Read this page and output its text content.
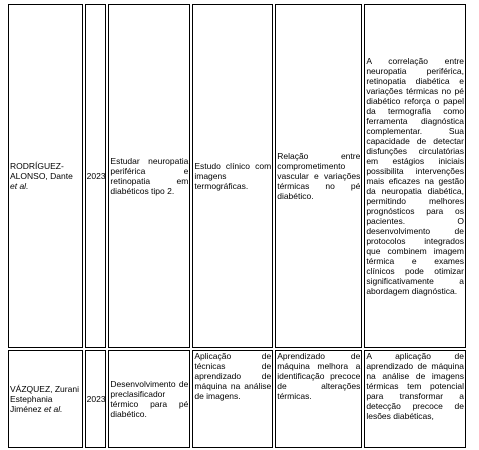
RODRÍGUEZ-ALONSO, Dante et al.	2023	Estudar neuropatia periférica e retinopatia em diabéticos tipo 2.	Estudo clínico com imagens termográficas.	Relação entre comprometimento vascular e variações térmicas no pé diabético.	A correlação entre neuropatia periférica, retinopatia diabética e variações térmicas no pé diabético reforça o papel da termografia como ferramenta diagnóstica complementar. Sua capacidade de detectar disfunções circulatórias em estágios iniciais possibilita intervenções mais eficazes na gestão da neuropatia diabética, permitindo melhores prognósticos para os pacientes. O desenvolvimento de protocolos integrados que combinem imagem térmica e exames clínicos pode otimizar significativamente a abordagem diagnóstica.
VÁZQUEZ, Zurani Estephania Jiménez et al.	2023	Desenvolvimento de preclasificador térmico para pé diabético.	Aplicação de técnicas de aprendizado de máquina na análise de imagens.	Aprendizado de máquina melhora a identificação precoce de alterações térmicas.	A aplicação de aprendizado de máquina na análise de imagens térmicas tem potencial para transformar a detecção precoce de lesões diabéticas,
